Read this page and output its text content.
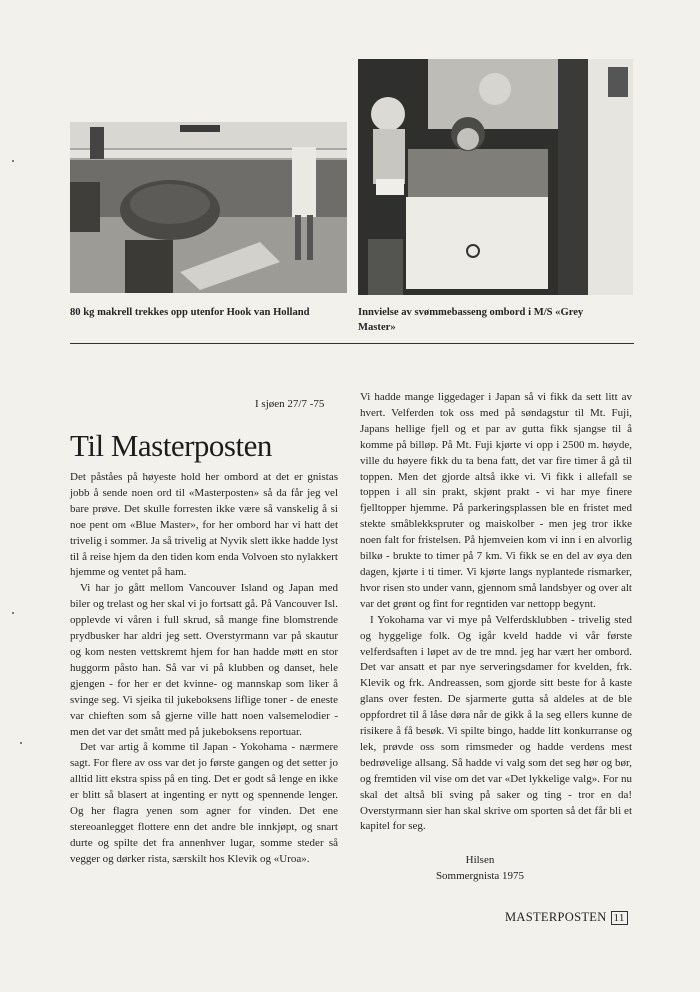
80 kg makrell trekkes opp utenfor Hook van Holland	Innvielse av svømmebasseng ombord i M/S «Grey
Master»
I sjøen 27/7 -75
Til Masterposten

Det påståes på høyeste hold her ombord at det er gnistas jobb å sende noen ord til «Masterposten» så da får jeg vel bare prøve. Det skulle forresten ikke være så vanskelig å si noe pent om «Blue Master», for her ombord har vi hatt det trivelig i sommer. Ja så trivelig at Nyvik slett ikke hadde lyst til å reise hjem da den tiden kom enda Volvoen sto nylakkert hjemme og ventet på ham.

Vi har jo gått mellom Vancouver Island og Japan med biler og trelast og her skal vi jo fortsatt gå. På Vancouver Isl. opplevde vi våren i full skrud, så mange fine blomstrende prydbusker har aldri jeg sett. Overstyrmann var på skautur og kom nesten vettskremt hjem for han hadde møtt en stor huggorm påsto han. Så var vi på klubben og danset, hele gjengen - for her er det kvinne- og mannskap som liker å svinge seg. Vi sjeika til jukeboksens liflige toner - de eneste var chieften som så gjerne ville hatt noen valsemelodier - men det var det smått med på jukeboksens reportuar.

Det var artig å komme til Japan - Yokohama - nærmere sagt. For flere av oss var det jo første gangen og det setter jo alltid litt ekstra spiss på en ting. Det er godt så lenge en ikke er blitt så blasert at ingenting er nytt og spennende lenger. Og her flagra yenen som agner for vinden. Det ene stereoanlegget flottere enn det andre ble innkjøpt, og snart durte og spilte det fra annenhver lugar, somme steder så vegger og dørker rista, særskilt hos Klevik og «Uroa».

Vi hadde mange liggedager i Japan så vi fikk da sett litt av hvert. Velferden tok oss med på søndagstur til Mt. Fuji, Japans hellige fjell og et par av gutta fikk sjangse til å komme på billøp. På Mt. Fuji kjørte vi opp i 2500 m. høyde, ville du høyere fikk du ta bena fatt, det var fire timer å gå til toppen. Men det gjorde altså ikke vi. Vi fikk i allefall se toppen i all sin prakt, skjønt prakt - vi har mye finere fjelltopper hjemme. På parkeringsplassen ble en fristet med stekte småblekkspruter og maiskolber - men jeg tror ikke noen falt for fristelsen. På hjemveien kom vi inn i en alvorlig bilkø - brukte to timer på 7 km. Vi fikk se en del av øya den dagen, kjørte i ti timer. Vi kjørte langs nyplantede rismarker, hvor risen sto under vann, gjennom små landsbyer og over alt var det grønt og fint for regntiden var nettopp begynt.

I Yokohama var vi mye på Velferdsklubben - trivelig sted og hyggelige folk. Og igår kveld hadde vi vår første velferdsaften i løpet av de tre mnd. jeg har vært her ombord. Det var ansatt et par nye serveringsdamer for kvelden, frk. Klevik og frk. Andreassen, som gjorde sitt beste for å kaste glans over festen. De sjarmerte gutta så aldeles at de ble oppfordret til å låse døra når de gikk å la seg ellers kunne de risikere å få besøk. Vi spilte bingo, hadde litt konkurranse og lek, prøvde oss som rimsmeder og hadde verdens mest bedrøvelige allsang. Så hadde vi valg som det seg hør og bør, og fremtiden vil vise om det var «Det lykkelige valg». For nu skal det altså bli sving på saker og ting - tror en da! Overstyrmann sier han skal skrive om sporten så det får bli et kapitel for seg.

Hilsen
Sommergnista 1975
MASTERPOSTEN 11
